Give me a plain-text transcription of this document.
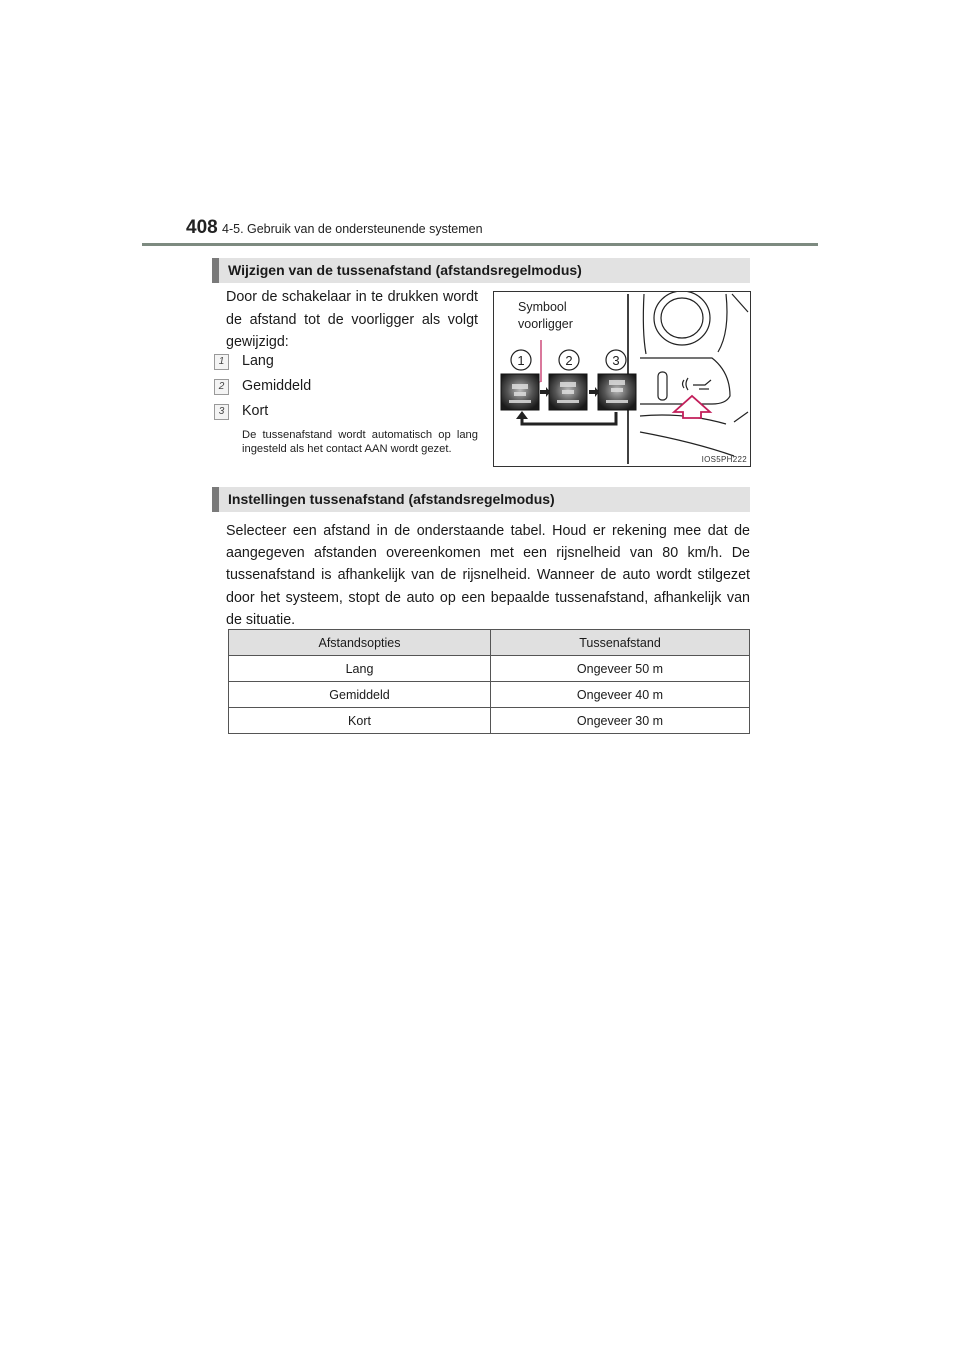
408 4-5. Gebruik van de ondersteunende systemen
Wijzigen van de tussenafstand (afstandsregelmodus)
Door de schakelaar in te drukken wordt de afstand tot de voorligger als volgt gewijzigd:
1	Lang
2	Gemiddeld
3	Kort
De tussenafstand wordt automatisch op lang ingesteld als het contact AAN wordt gezet.
Symbool
voorligger
1	2	3
IOS5PH222
Instellingen tussenafstand (afstandsregelmodus)
Selecteer een afstand in de onderstaande tabel. Houd er rekening mee dat de aangegeven afstanden overeenkomen met een rijsnelheid van 80 km/h. De tussenafstand is afhankelijk van de rijsnelheid. Wanneer de auto wordt stilgezet door het systeem, stopt de auto op een bepaalde tussenafstand, afhankelijk van de situatie.
Afstandsopties	Tussenafstand
Lang	Ongeveer 50 m
Gemiddeld	Ongeveer 40 m
Kort	Ongeveer 30 m
